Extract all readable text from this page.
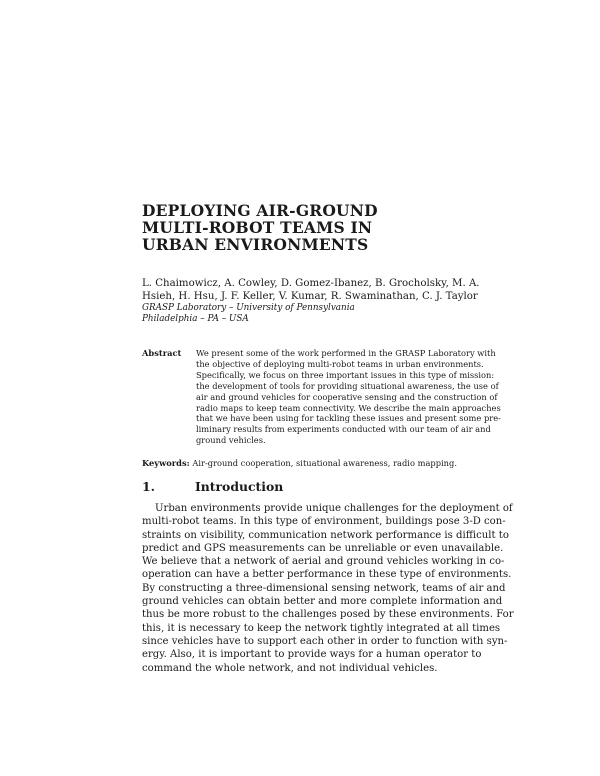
DEPLOYING AIR-GROUND
MULTI-ROBOT TEAMS IN
URBAN ENVIRONMENTS
L. Chaimowicz, A. Cowley, D. Gomez-Ibanez, B. Grocholsky, M. A.
Hsieh, H. Hsu, J. F. Keller, V. Kumar, R. Swaminathan, C. J. Taylor
GRASP Laboratory – University of Pennsylvania
Philadelphia – PA – USA
Abstract We present some of the work performed in the GRASP Laboratory with
the objective of deploying multi-robot teams in urban environments.
Specifically, we focus on three important issues in this type of mission:
the development of tools for providing situational awareness, the use of
air and ground vehicles for cooperative sensing and the construction of
radio maps to keep team connectivity. We describe the main approaches
that we have been using for tackling these issues and present some pre-
liminary results from experiments conducted with our team of air and
ground vehicles.
Keywords: Air-ground cooperation, situational awareness, radio mapping.
1.	Introduction
Urban environments provide unique challenges for the deployment of
multi-robot teams. In this type of environment, buildings pose 3-D con-
straints on visibility, communication network performance is difficult to
predict and GPS measurements can be unreliable or even unavailable.
We believe that a network of aerial and ground vehicles working in co-
operation can have a better performance in these type of environments.
By constructing a three-dimensional sensing network, teams of air and
ground vehicles can obtain better and more complete information and
thus be more robust to the challenges posed by these environments. For
this, it is necessary to keep the network tightly integrated at all times
since vehicles have to support each other in order to function with syn-
ergy. Also, it is important to provide ways for a human operator to
command the whole network, and not individual vehicles.
